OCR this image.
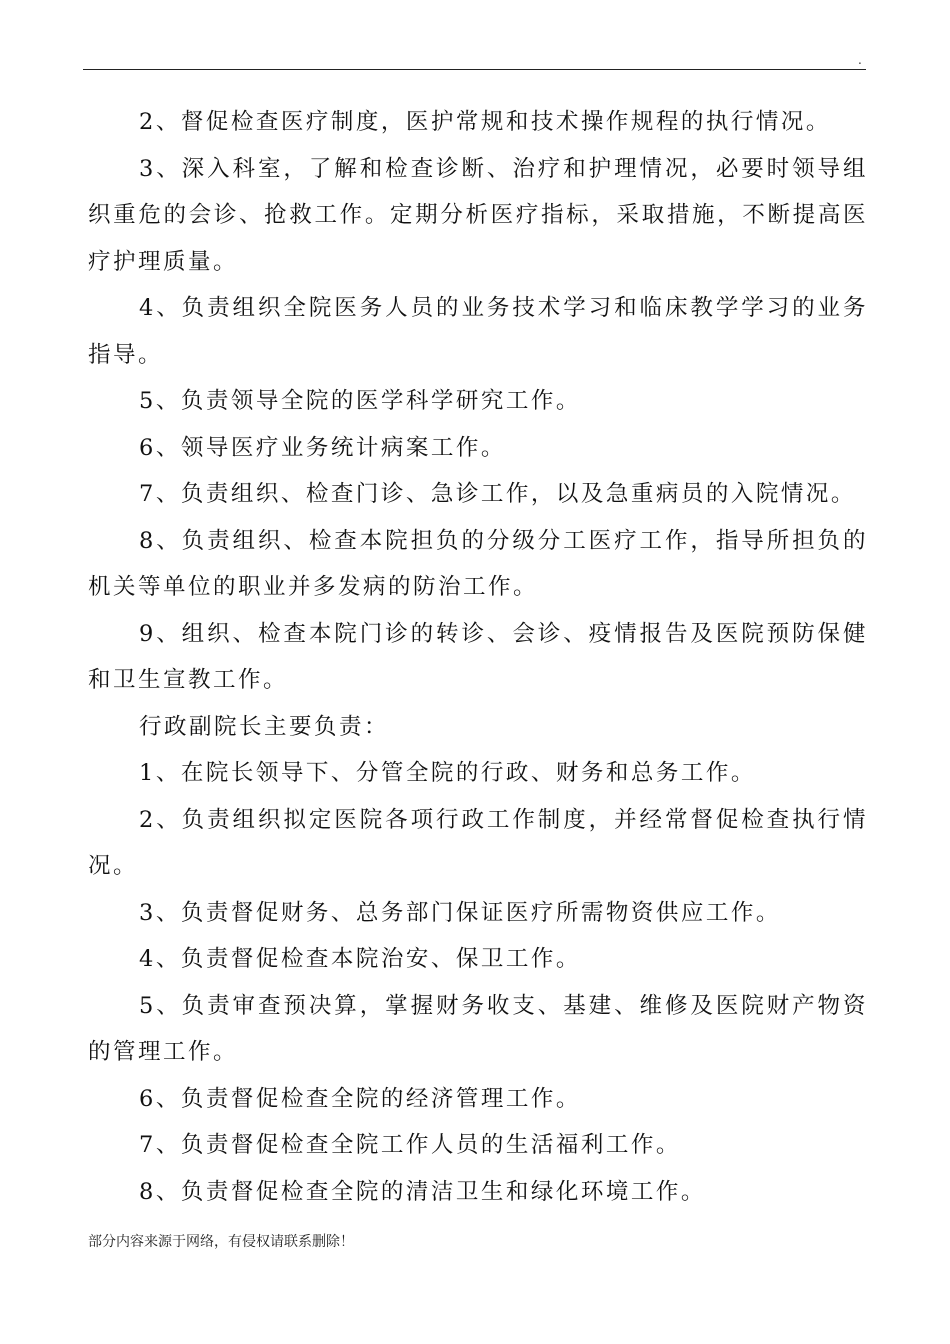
.

2、督促检查医疗制度，医护常规和技术操作规程的执行情况。

3、深入科室，了解和检查诊断、治疗和护理情况，必要时领导组织重危的会诊、抢救工作。定期分析医疗指标，采取措施，不断提高医疗护理质量。

4、负责组织全院医务人员的业务技术学习和临床教学学习的业务指导。

5、负责领导全院的医学科学研究工作。

6、领导医疗业务统计病案工作。

7、负责组织、检查门诊、急诊工作，以及急重病员的入院情况。

8、负责组织、检查本院担负的分级分工医疗工作，指导所担负的机关等单位的职业并多发病的防治工作。

9、组织、检查本院门诊的转诊、会诊、疫情报告及医院预防保健和卫生宣教工作。

行政副院长主要负责：

1、在院长领导下、分管全院的行政、财务和总务工作。

2、负责组织拟定医院各项行政工作制度，并经常督促检查执行情况。

3、负责督促财务、总务部门保证医疗所需物资供应工作。

4、负责督促检查本院治安、保卫工作。

5、负责审查预决算，掌握财务收支、基建、维修及医院财产物资的管理工作。

6、负责督促检查全院的经济管理工作。

7、负责督促检查全院工作人员的生活福利工作。

8、负责督促检查全院的清洁卫生和绿化环境工作。

部分内容来源于网络，有侵权请联系删除！
